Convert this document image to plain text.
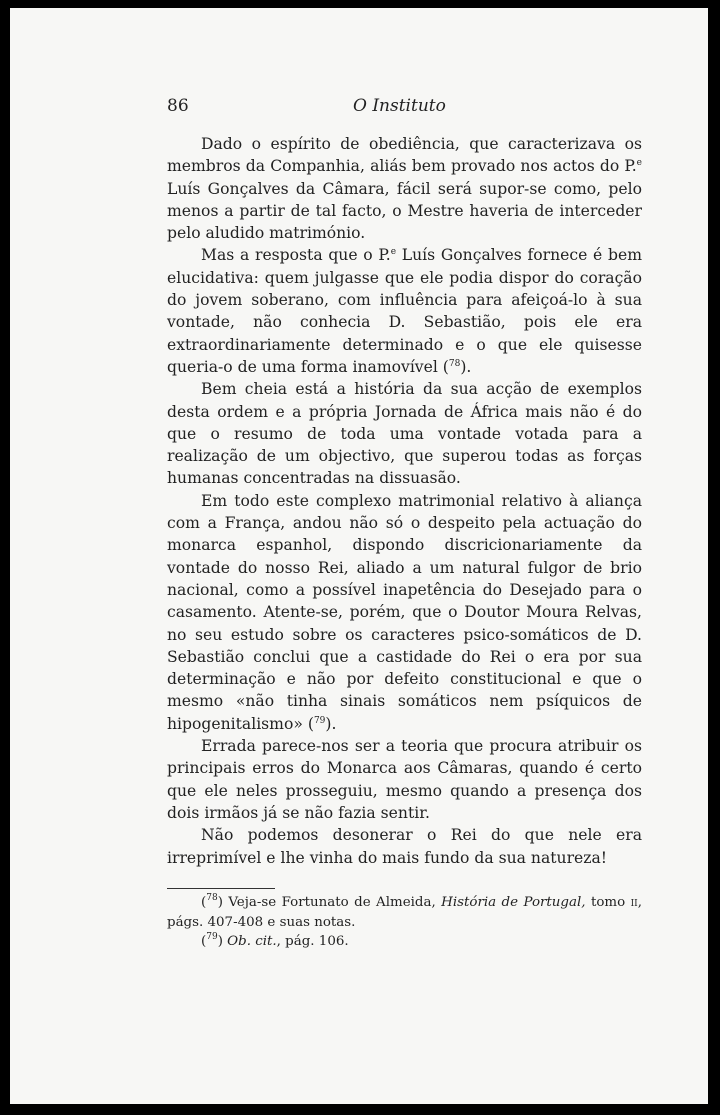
86	O Instituto

Dado o espírito de obediência, que caracterizava os membros da Companhia, aliás bem provado nos actos do P.$^e$ Luís Gonçalves da Câmara, fácil será supor-se como, pelo menos a partir de tal facto, o Mestre haveria de interceder pelo aludido matrimónio.

Mas a resposta que o P.$^e$ Luís Gonçalves fornece é bem elucidativa: quem julgasse que ele podia dispor do coração do jovem soberano, com influência para afeiçoá-lo à sua vontade, não conhecia D. Sebastião, pois ele era extraordinariamente determinado e o que ele quisesse queria-o de uma forma inamovível ($^{78}$).

Bem cheia está a história da sua acção de exemplos desta ordem e a própria Jornada de África mais não é do que o resumo de toda uma vontade votada para a realização de um objectivo, que superou todas as forças humanas concentradas na dissuasão.

Em todo este complexo matrimonial relativo à aliança com a França, andou não só o despeito pela actuação do monarca espanhol, dispondo discricionariamente da vontade do nosso Rei, aliado a um natural fulgor de brio nacional, como a possível inapetência do Desejado para o casamento. Atente-se, porém, que o Doutor Moura Relvas, no seu estudo sobre os caracteres psico-somáticos de D. Sebastião conclui que a castidade do Rei o era por sua determinação e não por defeito constitucional e que o mesmo «não tinha sinais somáticos nem psíquicos de hipogenitalismo» ($^{79}$).

Errada parece-nos ser a teoria que procura atribuir os principais erros do Monarca aos Câmaras, quando é certo que ele neles prosseguiu, mesmo quando a presença dos dois irmãos já se não fazia sentir.

Não podemos desonerar o Rei do que nele era irreprimível e lhe vinha do mais fundo da sua natureza!

($^{78}$) Veja-se Fortunato de Almeida, História de Portugal, tomo ii, págs. 407-408 e suas notas.

($^{79}$) Ob. cit., pág. 106.
